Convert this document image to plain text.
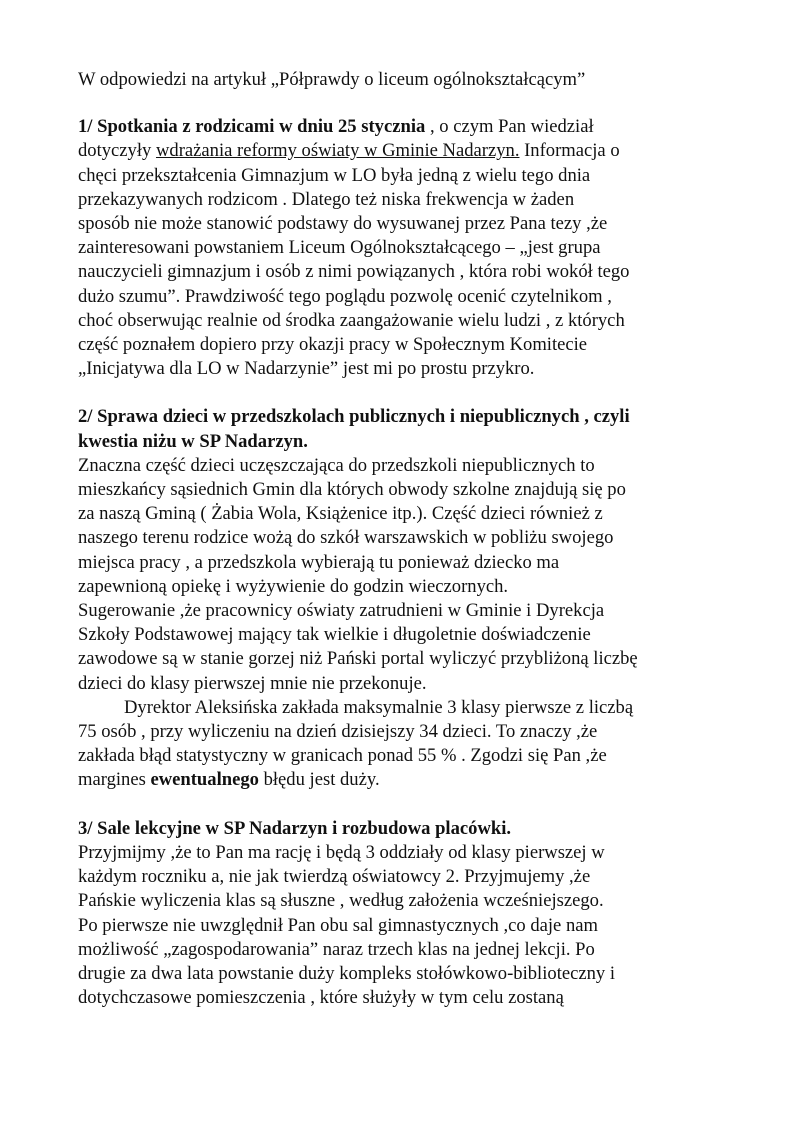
W odpowiedzi na artykuł „Półprawdy o liceum ogólnokształcącym”
1/ Spotkania z rodzicami w dniu 25 stycznia , o czym Pan wiedział
dotyczyły wdrażania reformy oświaty w Gminie Nadarzyn. Informacja o
chęci przekształcenia Gimnazjum w LO była jedną z wielu tego dnia
przekazywanych rodzicom . Dlatego też niska frekwencja w żaden
sposób nie może stanowić podstawy do wysuwanej przez Pana tezy ,że
zainteresowani powstaniem Liceum Ogólnokształcącego – „jest grupa
nauczycieli gimnazjum i osób z nimi powiązanych , która robi wokół tego
dużo szumu”. Prawdziwość tego poglądu pozwolę ocenić czytelnikom ,
choć obserwując realnie od środka zaangażowanie wielu ludzi , z których
część poznałem dopiero przy okazji pracy w Społecznym Komitecie
„Inicjatywa dla LO w Nadarzynie” jest mi po prostu przykro.
2/ Sprawa dzieci w przedszkolach publicznych i niepublicznych , czyli
kwestia niżu w SP Nadarzyn.
Znaczna część dzieci uczęszczająca do przedszkoli niepublicznych to
mieszkańcy sąsiednich Gmin dla których obwody szkolne znajdują się po
za naszą Gminą ( Żabia Wola, Książenice itp.). Część dzieci również z
naszego terenu rodzice wożą do szkół warszawskich w pobliżu swojego
miejsca pracy , a przedszkola wybierają tu ponieważ dziecko ma
zapewnioną opiekę i wyżywienie do godzin wieczornych.
Sugerowanie ,że pracownicy oświaty zatrudnieni w Gminie i Dyrekcja
Szkoły Podstawowej mający tak wielkie i długoletnie doświadczenie
zawodowe są w stanie gorzej niż Pański portal wyliczyć przybliżoną liczbę
dzieci do klasy pierwszej mnie nie przekonuje.
Dyrektor Aleksińska zakłada maksymalnie 3 klasy pierwsze z liczbą
75 osób , przy wyliczeniu na dzień dzisiejszy 34 dzieci. To znaczy ,że
zakłada błąd statystyczny w granicach ponad 55 % . Zgodzi się Pan ,że
margines ewentualnego błędu jest duży.
3/ Sale lekcyjne w SP Nadarzyn i rozbudowa placówki.
Przyjmijmy ,że to Pan ma rację i będą 3 oddziały od klasy pierwszej w
każdym roczniku a, nie jak twierdzą oświatowcy 2. Przyjmujemy ,że
Pańskie wyliczenia klas są słuszne , według założenia wcześniejszego.
Po pierwsze nie uwzględnił Pan obu sal gimnastycznych ,co daje nam
możliwość „zagospodarowania” naraz trzech klas na jednej lekcji. Po
drugie za dwa lata powstanie duży kompleks stołówkowo-biblioteczny i
dotychczasowe pomieszczenia , które służyły w tym celu zostaną
